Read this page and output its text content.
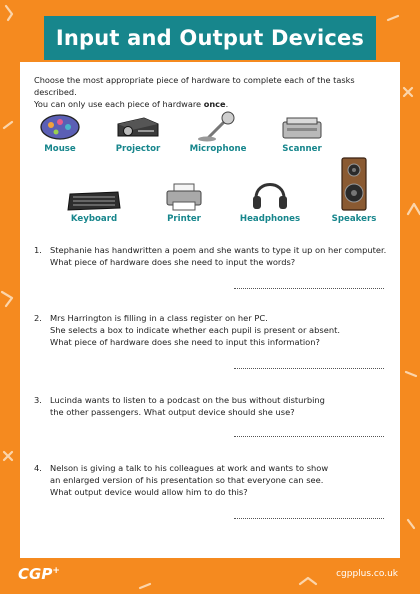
Input and Output Devices
Choose the most appropriate piece of hardware to complete each of the tasks described.
You can only use each piece of hardware once.
Mouse	Projector	Microphone	Scanner
Keyboard	Printer	Headphones	Speakers
1. Stephanie has handwritten a poem and she wants to type it up on her computer.
What piece of hardware does she need to input the words?
2. Mrs Harrington is filling in a class register on her PC.
She selects a box to indicate whether each pupil is present or absent.
What piece of hardware does she need to input this information?
3. Lucinda wants to listen to a podcast on the bus without disturbing
the other passengers. What output device should she use?
4. Nelson is giving a talk to his colleagues at work and wants to show
an enlarged version of his presentation so that everyone can see.
What output device would allow him to do this?
CGP+	cgpplus.co.uk
